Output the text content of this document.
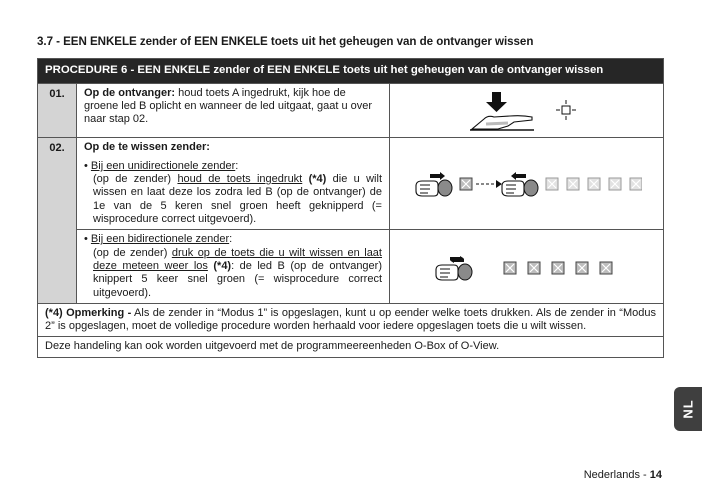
3.7 - EEN ENKELE zender of EEN ENKELE toets uit het geheugen van de ontvanger wissen
PROCEDURE 6 - EEN ENKELE zender of EEN ENKELE toets uit het geheugen van de ontvanger wissen		

01.	Op de ontvanger: houd toets A ingedrukt, kijk hoe de groene led B oplicht en wanneer de led uitgaat, gaat u over naar stap 02.	

02.	Op de te wissen zender:
• Bij een unidirectionele zender:
(op de zender) houd de toets ingedrukt (*4) die u wilt wissen en laat deze los zodra led B (op de ontvanger) de 1e van de 5 keren snel groen heeft geknipperd (= wisprocedure correct uitgevoerd).

	• Bij een bidirectionele zender:
(op de zender) druk op de toets die u wilt wissen en laat deze meteen weer los (*4): de led B (op de ontvanger) knippert 5 keer snel groen (= wisprocedure correct uitgevoerd).

(*4) Opmerking - Als de zender in “Modus 1” is opgeslagen, kunt u op eender welke toets drukken. Als de zender in “Modus 2” is opgeslagen, moet de volledige procedure worden herhaald voor iedere opgeslagen toets die u wilt wissen.		
Deze handeling kan ook worden uitgevoerd met de programmeereenheden O-Box of O-View.		
NL
Nederlands - 14
